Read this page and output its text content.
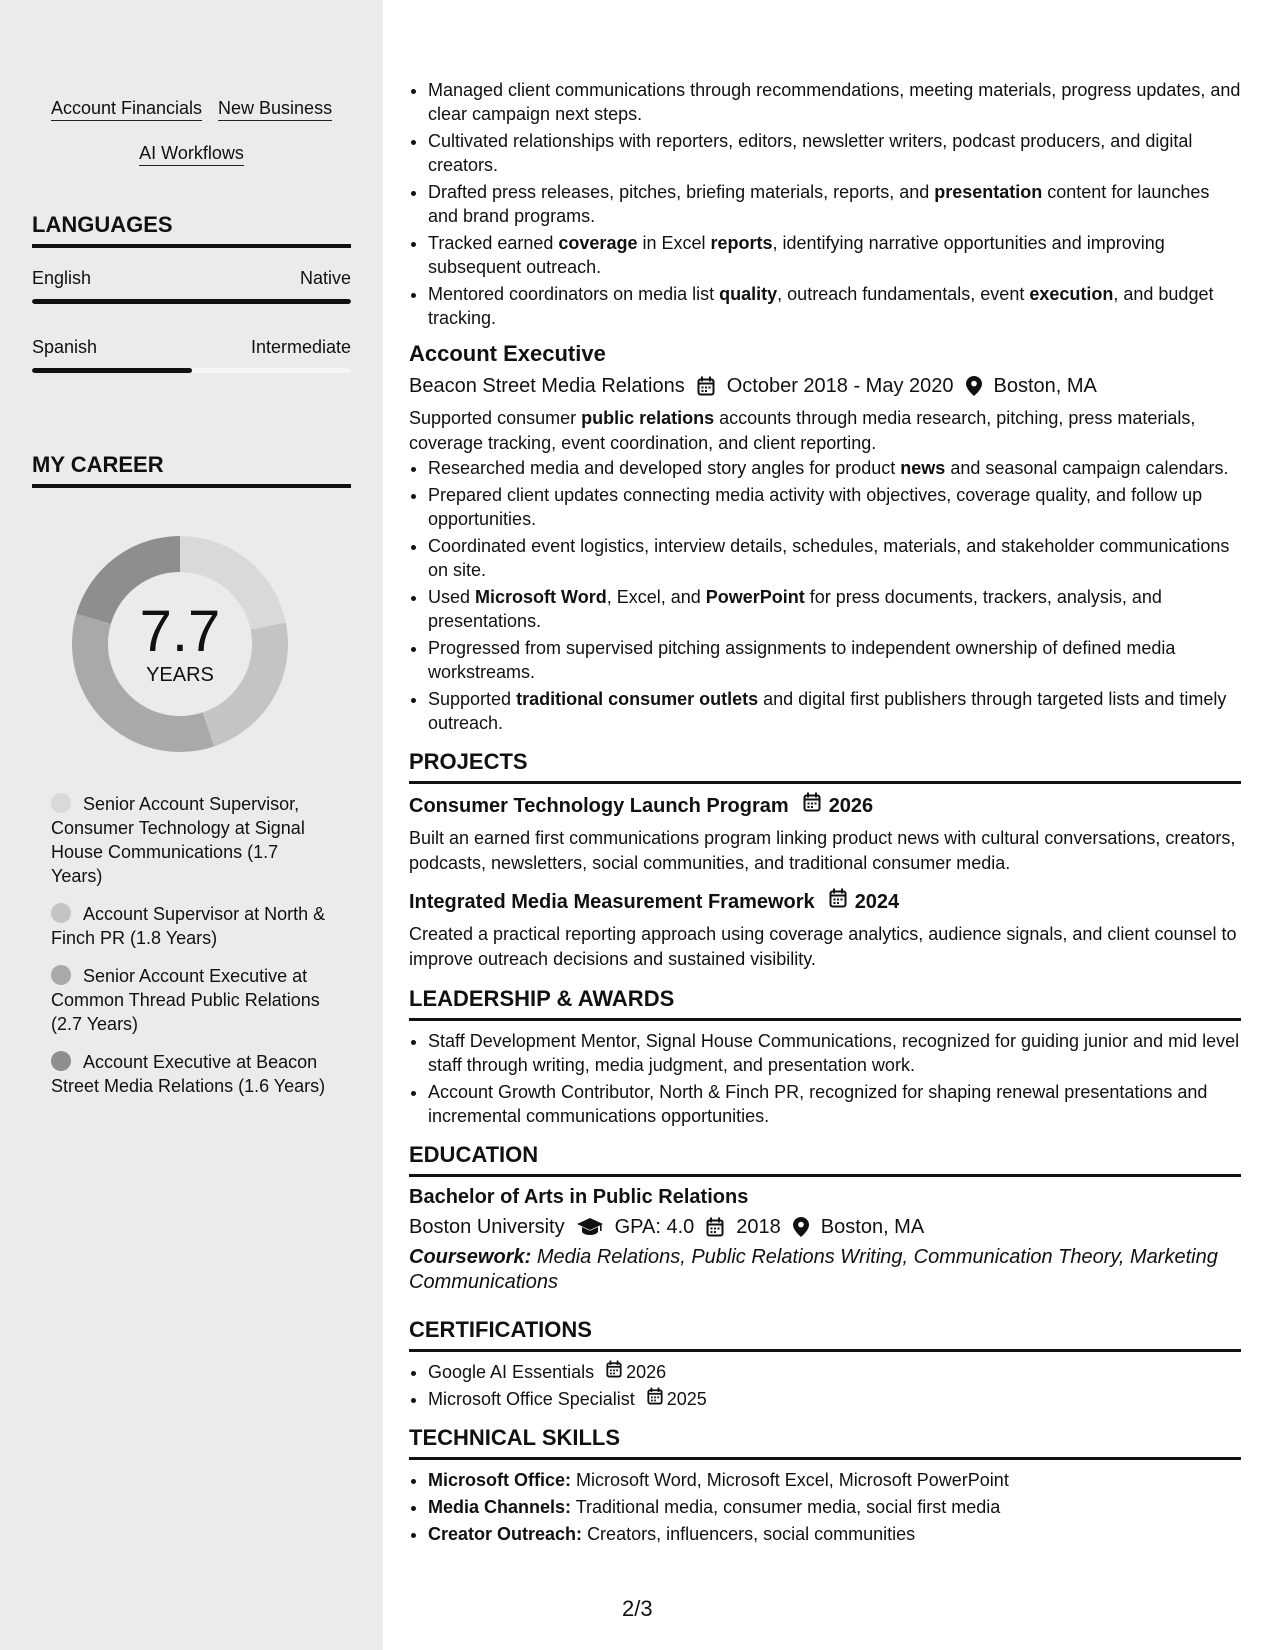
Account Financials New Business
AI Workflows
LANGUAGES
English	Native
Spanish	Intermediate
MY CAREER
7.7
YEARS
Senior Account Supervisor, Consumer Technology at Signal House Communications (1.7 Years)
Account Supervisor at North & Finch PR (1.8 Years)
Senior Account Executive at Common Thread Public Relations (2.7 Years)
Account Executive at Beacon Street Media Relations (1.6 Years)
• Managed client communications through recommendations, meeting materials, progress updates, and clear campaign next steps.
• Cultivated relationships with reporters, editors, newsletter writers, podcast producers, and digital creators.
• Drafted press releases, pitches, briefing materials, reports, and presentation content for launches and brand programs.
• Tracked earned coverage in Excel reports, identifying narrative opportunities and improving subsequent outreach.
• Mentored coordinators on media list quality, outreach fundamentals, event execution, and budget tracking.
Account Executive
Beacon Street Media Relations October 2018 - May 2020 Boston, MA
Supported consumer public relations accounts through media research, pitching, press materials, coverage tracking, event coordination, and client reporting.
• Researched media and developed story angles for product news and seasonal campaign calendars.
• Prepared client updates connecting media activity with objectives, coverage quality, and follow up opportunities.
• Coordinated event logistics, interview details, schedules, materials, and stakeholder communications on site.
• Used Microsoft Word, Excel, and PowerPoint for press documents, trackers, analysis, and presentations.
• Progressed from supervised pitching assignments to independent ownership of defined media workstreams.
• Supported traditional consumer outlets and digital first publishers through targeted lists and timely outreach.
PROJECTS
Consumer Technology Launch Program 2026
Built an earned first communications program linking product news with cultural conversations, creators, podcasts, newsletters, social communities, and traditional consumer media.
Integrated Media Measurement Framework 2024
Created a practical reporting approach using coverage analytics, audience signals, and client counsel to improve outreach decisions and sustained visibility.
LEADERSHIP & AWARDS
• Staff Development Mentor, Signal House Communications, recognized for guiding junior and mid level staff through writing, media judgment, and presentation work.
• Account Growth Contributor, North & Finch PR, recognized for shaping renewal presentations and incremental communications opportunities.
EDUCATION
Bachelor of Arts in Public Relations
Boston University	GPA: 4.0 2018 Boston, MA
Coursework: Media Relations, Public Relations Writing, Communication Theory, Marketing Communications
CERTIFICATIONS
• Google AI Essentials 2026
• Microsoft Office Specialist 2025
TECHNICAL SKILLS
• Microsoft Office: Microsoft Word, Microsoft Excel, Microsoft PowerPoint
• Media Channels: Traditional media, consumer media, social first media
• Creator Outreach: Creators, influencers, social communities
2/3
